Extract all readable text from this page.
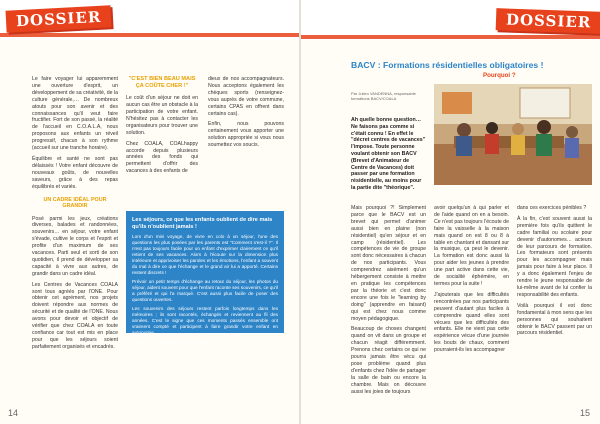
DOSSIER

Le faire voyager lui apparemment une ouverture d'esprit, un développement de sa créativité, de la culture générale,… De nombreux atouts pour son avenir et des connaissances qu'il veut faire fructifier. Fort de son passé, la réalité de l'accueil en C.O.A.L.A, nous proposons aux enfants un réveil progressif, chacun à son rythme (accueil sur une tranche horaire).

Équilibre et santé ne sont pas délaissés ! Votre enfant découvre de nouveaux goûts, de nouvelles saveurs, grâce à des repas équilibrés et variés.

UN CADRE IDÉAL POUR GRANDIR

Posé parmi les jeux, créations diverses, balades et randonnées, souvenirs… en séjour, votre enfant s'évade, cultive le corps et l'esprit et profite d'un maximum de ses vacances. Parti seul et sorti de son quotidien, il prend de développer sa capacité à vivre aux autres, de grandir dans un cadre idéal.

Les Centres de Vacances COALA sont tous agréés par l'ONE. Pour obtenir cet agrément, nos projets doivent répondre aux normes de sécurité et de qualité de l'ONE. Nous avons pour devoir et objectif de vérifier que chez COALA en toute confiance car tout est mis en place pour que les séjours soient parfaitement organisés et encadrés.

"C'EST BIEN BEAU MAIS ÇA COÛTE CHER !"

Le coût d'un séjour ne doit en aucun cas être un obstacle à la participation de votre enfant. N'hésitez pas à contacter les organisateurs pour trouver une solution.

Chez COALA, COALhappy accorde depuis plusieurs années des fonds qui permettent d'offrir des vacances à des enfants de

dieux de nos accompagnateurs. Nous acceptons également les chèques sports (renseignez-vous auprès de votre commune, certains CPAS en offrent dans certains cas).

Enfin, nous pouvons certainement vous apporter une solution appropriée si vous nous soumettez vos soucis.

Les séjours, ce que les enfants oublient de dire mais qu'ils n'oublient jamais !

Lors d'un mini voyage, de vivre en colo à un séjour, l'une des questions les plus posées par les parents est "Comment s'est-il ?". Il n'est pas toujours facile pour un enfant d'exprimer clairement ce qu'il retient de ses vacances. Alors à l'écoute sur la dimension plus intérieure et apprivoiser les paroles et les émotions, l'enfant a souvent du mal à dire ce que l'échange et le grand air lui a apporté. Certains restent discrets !

Prévoir un petit temps d'échange au retour du séjour, les photos du séjour, aident souvent pour que l'enfant raconte ses souvenirs, ce qu'il a préféré et qui l'a marqué. C'est aussi plus facile de poser des questions ouvertes.

Les souvenirs des séjours restent parfois longtemps dans les mémoires ; ils sont racontés, échangés et reviennent au fil des années. C'est le signe que ces moments passés ensemble ont vraiment compté et participent à faire grandir votre enfant en autonomie.

Extrait de : www.coacentredevacances.be

14
DOSSIER
BACV : Formations résidentielles obligatoires !
Pourquoi ?
Par Julien VANDENNA, responsable formations BACV/COALA
Ah quelle bonne question… Ne faisons pas comme si c'était connu ! En effet le "décret centres de vacances" l'impose. Toute personne voulant obtenir son BACV (Brevet d'Animateur de Centre de Vacances) doit passer par une formation résidentielle, au moins pour la partie dite "théorique".

Mais pourquoi ?! Simplement parce que le BACV est un brevet qui permet d'animer aussi bien en plaine (non résidentiel) qu'en séjour et en camp (résidentiel). Les compétences de vie de groupe sont donc nécessaires à chacun de nos participants. Vous comprendrez aisément qu'un hébergement consiste à mettre en pratique les compétences par la théorie et c'est donc encore une fois le "learning by doing" (apprendre en faisant) qui est chez nous comme moyen pédagogique.

Beaucoup de choses changent quand on vit dans un groupe et chacun réagit différemment. Prenons chez certains ce qui ne pourra jamais être vécu qui pose problème quand plus d'enfants chez l'idée de partager la salle de bain ou encore la chambre. Mais on découvre aussi les joies de toujours

avoir quelqu'un à qui parler et de l'aide quand on en a besoin. Ce n'est pas toujours l'écoute de faire la vaisselle à la maison mais quand on est 8 ou 8 à table en chantant et dansant sur la musique, ça peut le devenir. La formation est donc aussi là pour aider les jeunes à prendre une part active dans cette vie, de socialité éphémère, en termes pour la suite !

J'ajouterais que les difficultés rencontrées par nos participants peuvent d'autant plus faciles à comprendre quand elles sont vécues que les difficultés des enfants. Elle ne vient pas cette expérience vécue d'une journée les bouts de chaux, comment pourraient-ils les accompagner

dans ces exercices pénibles ?

À la fin, c'est souvent aussi la première fois qu'ils quittent le cadre familial ou scolaire pour devenir d'autonomes… acteurs de leur parcours de formation. Les formateurs sont présents pour les accompagner mais jamais pour faire à leur place. Il y a donc également l'enjeu de rendre le jeune responsable de lui-même avant de lui confier la responsabilité des enfants.

Voilà pourquoi il est donc fondamental à mon sens que les personnes qui souhaitent obtenir le BACV passent par un parcours résidentiel.

15
